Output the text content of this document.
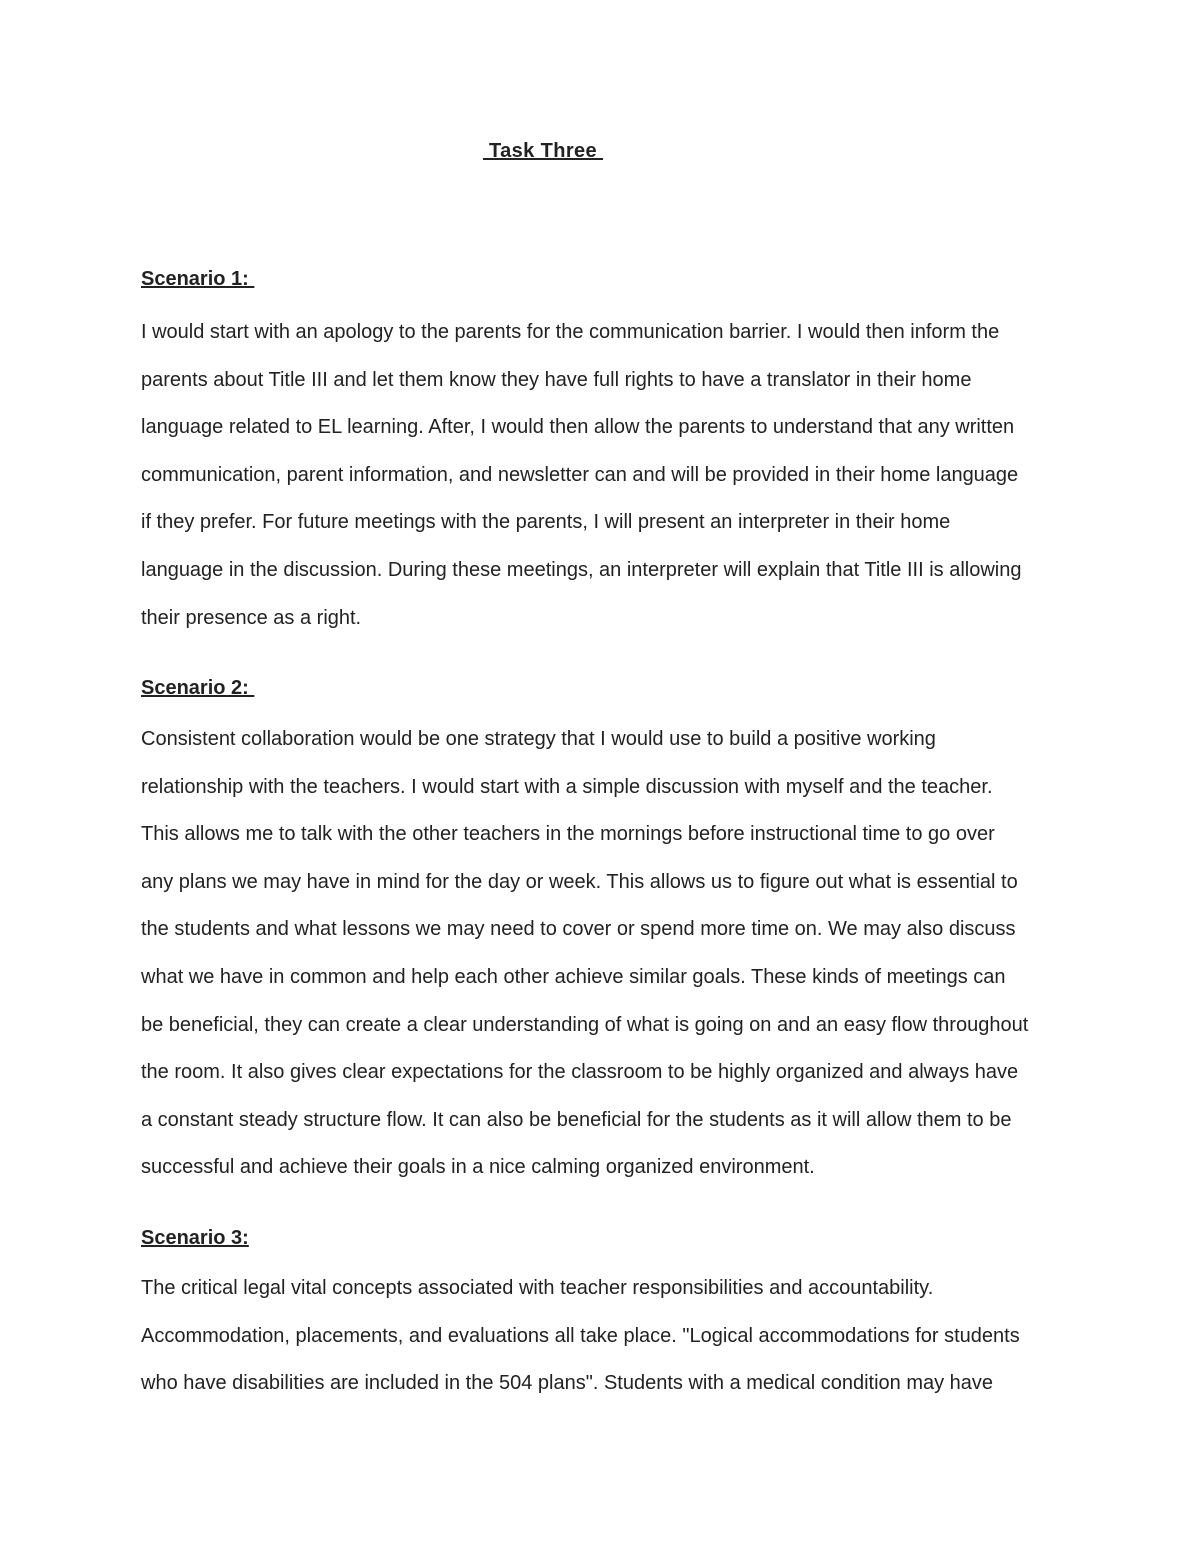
Task Three
Scenario 1:
I would start with an apology to the parents for the communication barrier. I would then inform the
parents about Title III and let them know they have full rights to have a translator in their home
language related to EL learning. After, I would then allow the parents to understand that any written
communication, parent information, and newsletter can and will be provided in their home language
if they prefer. For future meetings with the parents, I will present an interpreter in their home
language in the discussion. During these meetings, an interpreter will explain that Title III is allowing
their presence as a right.
Scenario 2:
Consistent collaboration would be one strategy that I would use to build a positive working
relationship with the teachers. I would start with a simple discussion with myself and the teacher.
This allows me to talk with the other teachers in the mornings before instructional time to go over
any plans we may have in mind for the day or week. This allows us to figure out what is essential to
the students and what lessons we may need to cover or spend more time on. We may also discuss
what we have in common and help each other achieve similar goals. These kinds of meetings can
be beneficial, they can create a clear understanding of what is going on and an easy flow throughout
the room. It also gives clear expectations for the classroom to be highly organized and always have
a constant steady structure flow. It can also be beneficial for the students as it will allow them to be
successful and achieve their goals in a nice calming organized environment.
Scenario 3:
The critical legal vital concepts associated with teacher responsibilities and accountability.
Accommodation, placements, and evaluations all take place. "Logical accommodations for students
who have disabilities are included in the 504 plans". Students with a medical condition may have
